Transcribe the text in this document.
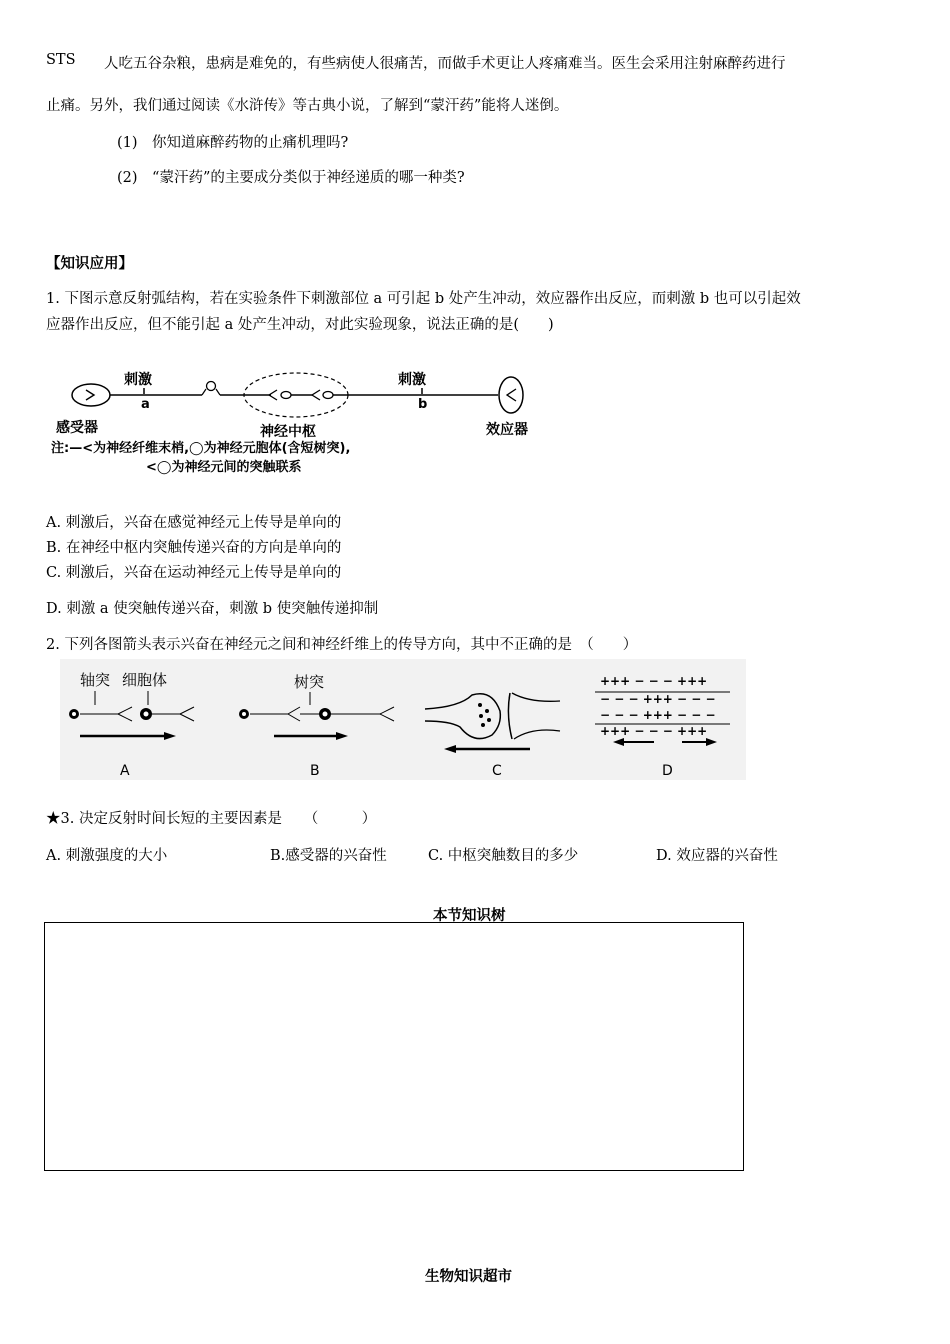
STS 人吃五谷杂粮，患病是难免的，有些病使人很痛苦，而做手术更让人疼痛难当。医生会采用注射麻醉药进行
止痛。另外，我们通过阅读《水浒传》等古典小说，了解到“蒙汗药”能将人迷倒。
(1)　你知道麻醉药物的止痛机理吗?
(2)　“蒙汗药”的主要成分类似于神经递质的哪一种类?
【知识应用】
1. 下图示意反射弧结构，若在实验条件下刺激部位 a 可引起 b 处产生冲动，效应器作出反应，而刺激 b 也可以引起效
应器作出反应，但不能引起 a 处产生冲动，对此实验现象，说法正确的是(　　)
刺激
a
刺激
b
感受器	神经中枢	效应器
注:—<为神经纤维末梢,◯为神经元胞体(含短树突),
<◯为神经元间的突触联系
A. 刺激后，兴奋在感觉神经元上传导是单向的
B. 在神经中枢内突触传递兴奋的方向是单向的
C. 刺激后，兴奋在运动神经元上传导是单向的
D. 刺激 a 使突触传递兴奋，刺激 b 使突触传递抑制
2. 下列各图箭头表示兴奋在神经元之间和神经纤维上的传导方向，其中不正确的是　（　　）
轴突 细胞体
A
树突
B	C
+++ − − − +++
− − − +++ − − −
− − − +++ − − −
+++ − − − +++
D
★3. 决定反射时间长短的主要因素是　　（　　　）
A. 刺激强度的大小	B.感受器的兴奋性	C. 中枢突触数目的多少	D. 效应器的兴奋性
本节知识树
生物知识超市
